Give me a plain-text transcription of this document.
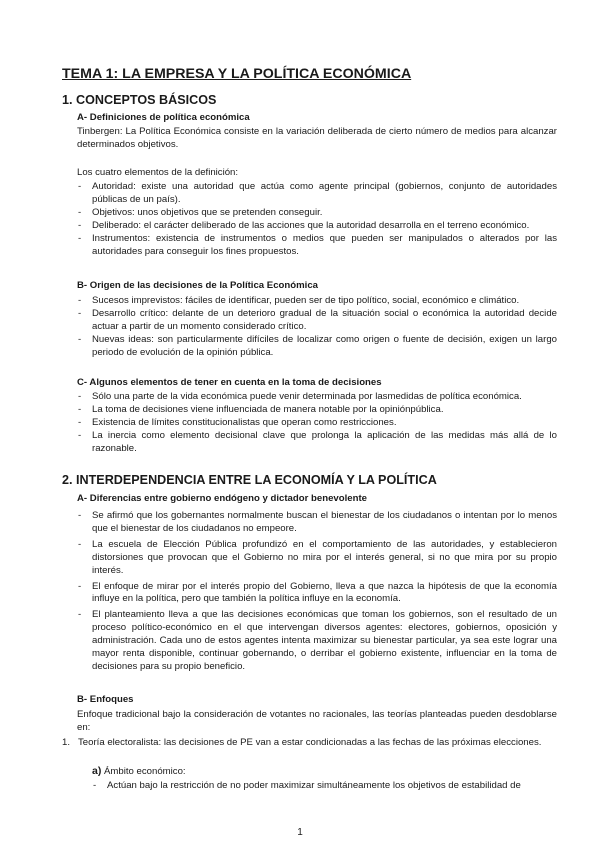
TEMA 1: LA EMPRESA Y LA POLÍTICA ECONÓMICA
1. CONCEPTOS BÁSICOS
A- Definiciones de política económica
Tinbergen: La Política Económica consiste en la variación deliberada de cierto número de medios para alcanzar determinados objetivos.
Los cuatro elementos de la definición:
- Autoridad: existe una autoridad que actúa como agente principal (gobiernos, conjunto de autoridades públicas de un país).
- Objetivos: unos objetivos que se pretenden conseguir.
- Deliberado: el carácter deliberado de las acciones que la autoridad desarrolla en el terreno económico.
- Instrumentos: existencia de instrumentos o medios que pueden ser manipulados o alterados por las autoridades para conseguir los fines propuestos.
B- Origen de las decisiones de la Política Económica
- Sucesos imprevistos: fáciles de identificar, pueden ser de tipo político, social, económico e climático.
- Desarrollo crítico: delante de un deterioro gradual de la situación social o económica la autoridad decide actuar a partir de un momento considerado crítico.
- Nuevas ideas: son particularmente difíciles de localizar como origen o fuente de decisión, exigen un largo periodo de evolución de la opinión pública.
C- Algunos elementos de tener en cuenta en la toma de decisiones
- Sólo una parte de la vida económica puede venir determinada por lasmedidas de política económica.
- La toma de decisiones viene influenciada de manera notable por la opiniónpública.
- Existencia de límites constitucionalistas que operan como restricciones.
- La inercia como elemento decisional clave que prolonga la aplicación de las medidas más allá de lo razonable.
2. INTERDEPENDENCIA ENTRE LA ECONOMÍA Y LA POLÍTICA
A- Diferencias entre gobierno endógeno y dictador benevolente
- Se afirmó que los gobernantes normalmente buscan el bienestar de los ciudadanos o intentan por lo menos que el bienestar de los ciudadanos no empeore.
- La escuela de Elección Pública profundizó en el comportamiento de las autoridades, y establecieron distorsiones que provocan que el Gobierno no mira por el interés general, si no que mira por su propio interés.
- El enfoque de mirar por el interés propio del Gobierno, lleva a que nazca la hipótesis de que la economía influye en la política, pero que también la política influye en la economía.
- El planteamiento lleva a que las decisiones económicas que toman los gobiernos, son el resultado de un proceso político-económico en el que intervengan diversos agentes: electores, gobiernos, oposición y administración. Cada uno de estos agentes intenta maximizar su bienestar particular, ya sea este lograr una mayor renta disponible, continuar gobernando, o derribar el gobierno existente, influenciar en la toma de decisiones para su propio beneficio.
B- Enfoques
Enfoque tradicional bajo la consideración de votantes no racionales, las teorías planteadas pueden desdoblarse en:
1. Teoría electoralista: las decisiones de PE van a estar condicionadas a las fechas de las próximas elecciones.
a) Ámbito económico:
- Actúan bajo la restricción de no poder maximizar simultáneamente los objetivos de estabilidad de
1
